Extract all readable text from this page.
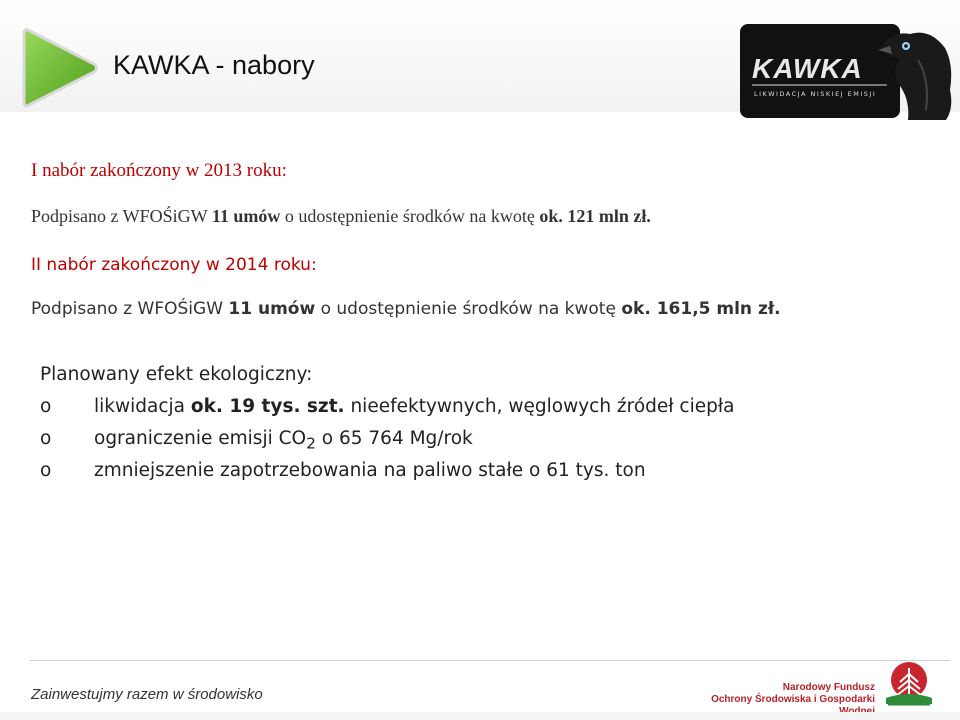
KAWKA - nabory	KAWKA
LIKWIDACJA NISKIEJ EMISJI
I nabór zakończony w 2013 roku:
Podpisano z WFOŚiGW 11 umów o udostępnienie środków na kwotę ok. 121 mln zł.
II nabór zakończony w 2014 roku:
Podpisano z WFOŚiGW 11 umów o udostępnienie środków na kwotę ok. 161,5 mln zł.
Planowany efekt ekologiczny:
o likwidacja ok. 19 tys. szt. nieefektywnych, węglowych źródeł ciepła
o ograniczenie emisji $CO_2$ o 65 764 Mg/rok
o zmniejszenie zapotrzebowania na paliwo stałe o 61 tys. ton
Zainwestujmy razem w środowisko	Narodowy Fundusz
Ochrony Środowiska i Gospodarki
